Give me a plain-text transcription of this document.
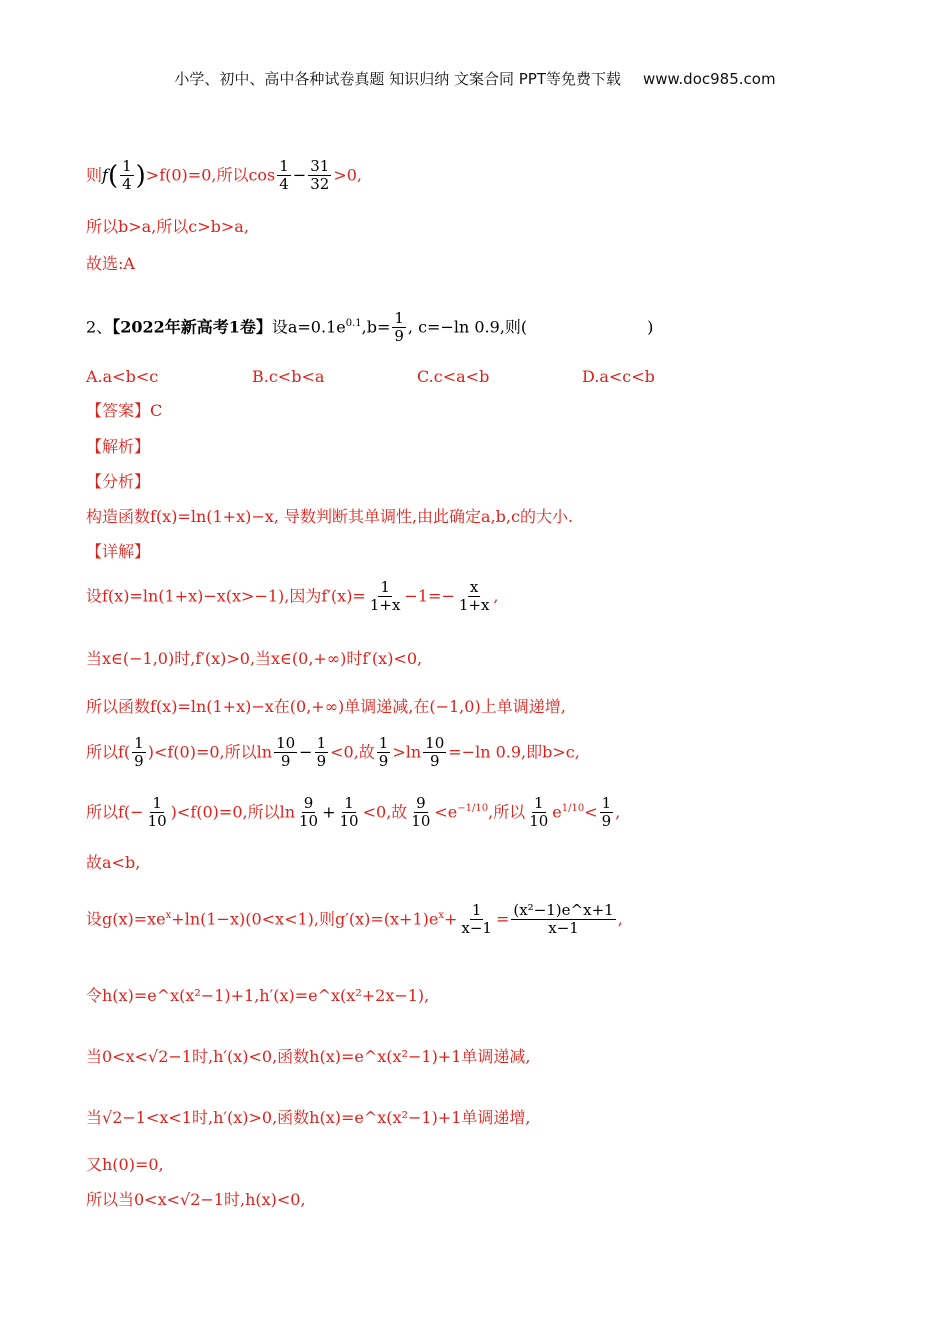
小学、初中、高中各种试卷真题 知识归纳 文案合同 PPT等免费下载 www.doc985.com
则$f( \frac{1}{4} )>f(0)=0$,所以$\cos \frac{1}{4} - \frac{31}{32} >0$,
所以b>a,所以c>b>a,
故选:A
2、【2022年新高考1卷】设$a=0.1e^{0.1},b= \frac{1}{9}$ , c=−ln 0.9,则(	)
A.a<b<c	B.c<b<a	C.c<a<b	D.a<c<b
【答案】C
【解析】
【分析】
构造函数f(x)=ln(1+x)−x, 导数判断其单调性,由此确定a,b,c的大小.
【详解】
设f(x)=ln(1+x)−x(x>−1),因为$f'(x)= \frac{1}{1+x} -1=- \frac{x}{1+x}$ ,
当x∈(−1,0)时,f′(x)>0,当x∈(0,+∞)时f′(x)<0,
所以函数f(x)=ln(1+x)−x在(0,+∞)单调递减,在(−1,0)上单调递增,
所以$f( \frac{1}{9} )<f(0)=0$,所以$\ln \frac{10}{9} - \frac{1}{9} <0$,故 $\frac{1}{9} >\ln \frac{10}{9} =-\ln$ 0.9,即b>c,
所以$f(- \frac{1}{10} )<f(0)=0$,所以$\ln \frac{9}{10} + \frac{1}{10} <0$,故 $\frac{9}{10} <e^{-1/10}$,所以 $\frac{1}{10} e^{1/10}< \frac{1}{9}$ ,
故a<b,
设$g(x)=xe^x+\ln(1-x)(0<x<1)$,则$g'(x)=(x+1)e^x+ \frac{1}{x-1} = \frac{\text{(x²−1)e\textasciicircum{}x+1}}{x-1}$ ,
令h(x)=e^x(x²−1)+1,h′(x)=e^x(x²+2x−1),
当0<x<√2−1时,h′(x)<0,函数h(x)=e^x(x²−1)+1单调递减,
当√2−1<x<1时,h′(x)>0,函数h(x)=e^x(x²−1)+1单调递增,
又h(0)=0,
所以当0<x<√2−1时,h(x)<0,
